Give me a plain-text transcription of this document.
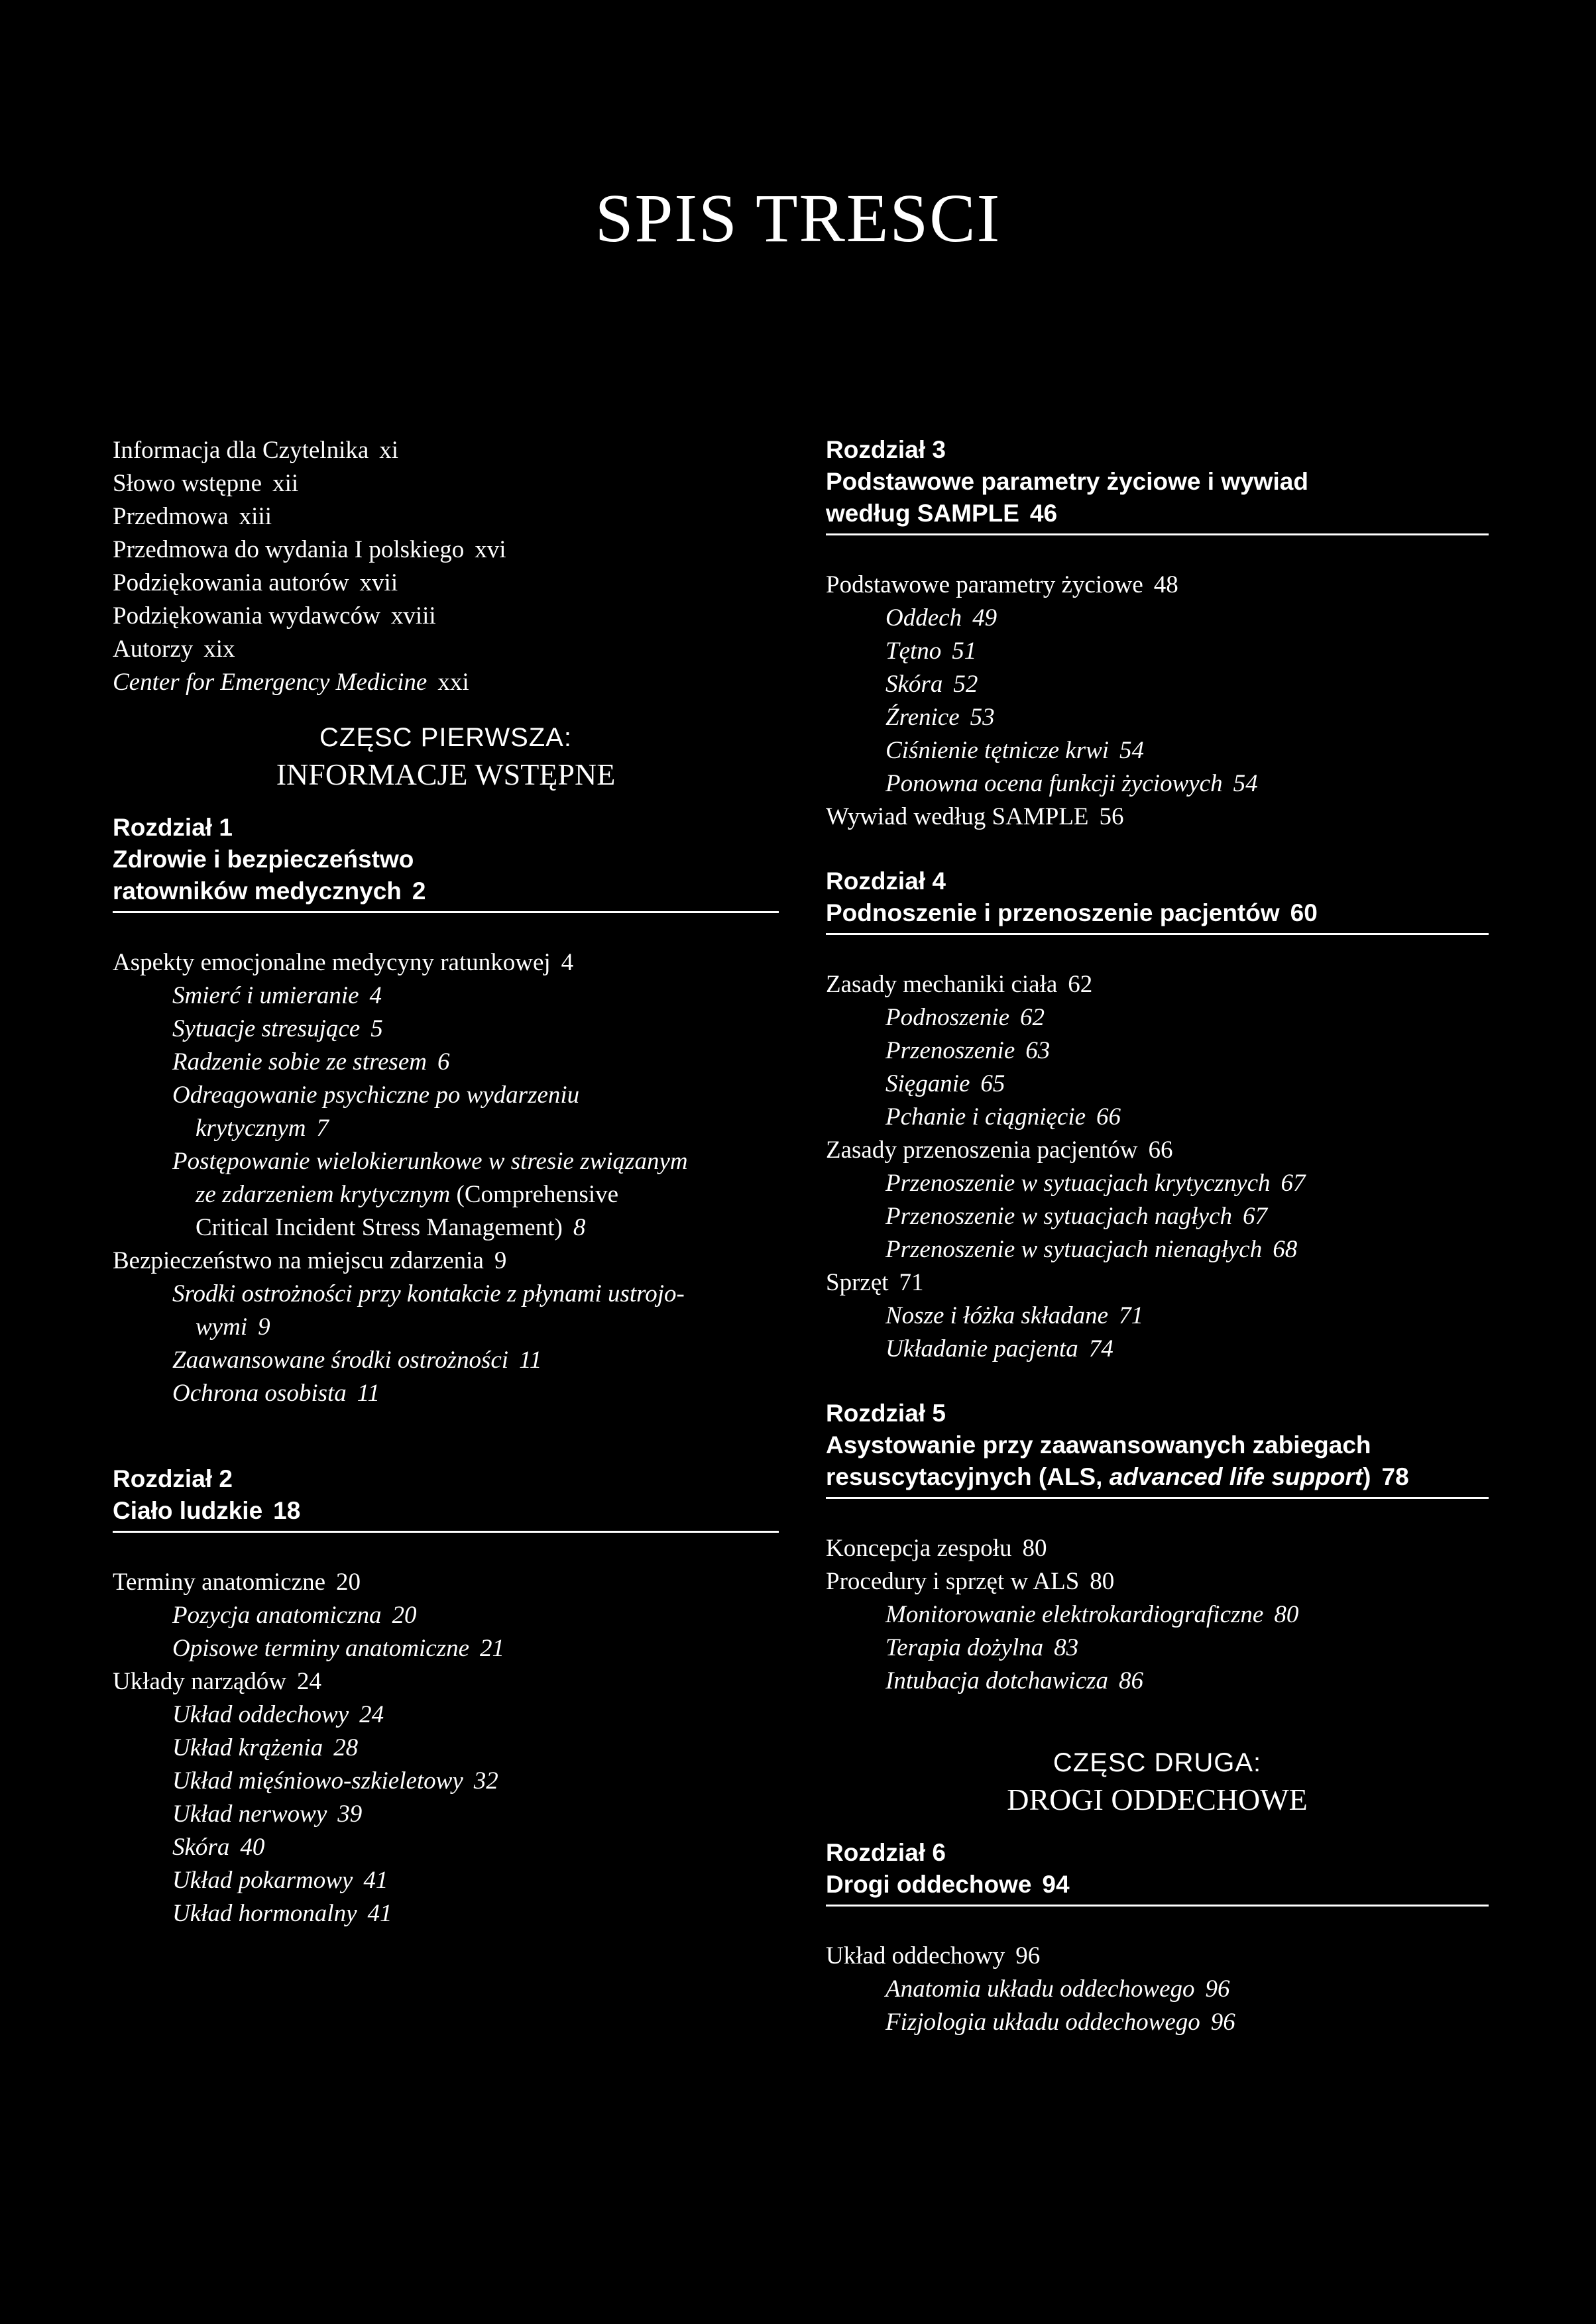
SPIS TRESCI
Informacja dla Czytelnika xi
Słowo wstępne xii
Przedmowa xiii
Przedmowa do wydania I polskiego xvi
Podziękowania autorów xvii
Podziękowania wydawców xviii
Autorzy xix
Center for Emergency Medicine xxi
CZĘSC PIERWSZA:
INFORMACJE WSTĘPNE
Rozdział 1
Zdrowie i bezpieczeństwo
ratowników medycznych 2
Aspekty emocjonalne medycyny ratunkowej 4
Smierć i umieranie 4
Sytuacje stresujące 5
Radzenie sobie ze stresem 6
Odreagowanie psychiczne po wydarzeniu
krytycznym 7
Postępowanie wielokierunkowe w stresie związanym
ze zdarzeniem krytycznym (Comprehensive
Critical Incident Stress Management) 8
Bezpieczeństwo na miejscu zdarzenia 9
Srodki ostrożności przy kontakcie z płynami ustrojo-
wymi 9
Zaawansowane środki ostrożności 11
Ochrona osobista 11
Rozdział 2
Ciało ludzkie 18
Terminy anatomiczne 20
Pozycja anatomiczna 20
Opisowe terminy anatomiczne 21
Układy narządów 24
Układ oddechowy 24
Układ krążenia 28
Układ mięśniowo-szkieletowy 32
Układ nerwowy 39
Skóra 40
Układ pokarmowy 41
Układ hormonalny 41
Rozdział 3
Podstawowe parametry życiowe i wywiad
według SAMPLE 46
Podstawowe parametry życiowe 48
Oddech 49
Tętno 51
Skóra 52
Źrenice 53
Ciśnienie tętnicze krwi 54
Ponowna ocena funkcji życiowych 54
Wywiad według SAMPLE 56
Rozdział 4
Podnoszenie i przenoszenie pacjentów 60
Zasady mechaniki ciała 62
Podnoszenie 62
Przenoszenie 63
Sięganie 65
Pchanie i ciągnięcie 66
Zasady przenoszenia pacjentów 66
Przenoszenie w sytuacjach krytycznych 67
Przenoszenie w sytuacjach nagłych 67
Przenoszenie w sytuacjach nienagłych 68
Sprzęt 71
Nosze i łóżka składane 71
Układanie pacjenta 74
Rozdział 5
Asystowanie przy zaawansowanych zabiegach
resuscytacyjnych (ALS, advanced life support) 78
Koncepcja zespołu 80
Procedury i sprzęt w ALS 80
Monitorowanie elektrokardiograficzne 80
Terapia dożylna 83
Intubacja dotchawicza 86
CZĘSC DRUGA:
DROGI ODDECHOWE
Rozdział 6
Drogi oddechowe 94
Układ oddechowy 96
Anatomia układu oddechowego 96
Fizjologia układu oddechowego 96
